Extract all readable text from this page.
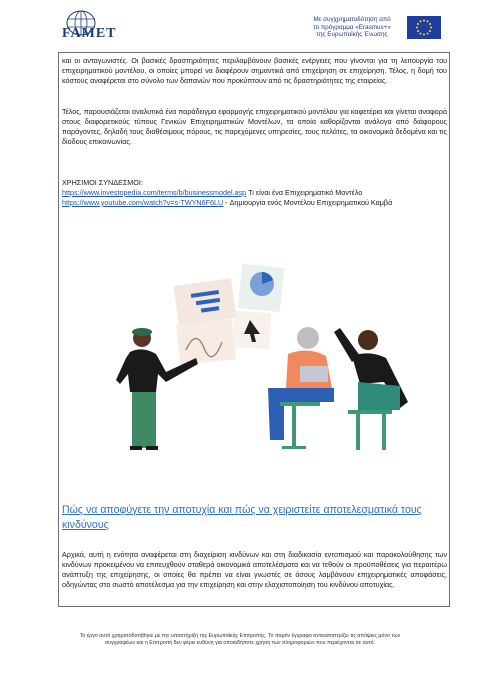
FAMET
Με συγχρηματοδότηση από
το πρόγραμμα «Erasmus+»
της Ευρωπαϊκής Ένωσης
και οι ανταγωνιστές. Οι βασικές δραστηριότητες περιλαμβάνουν βασικές ενέργειες που γίνονται για τη λειτουργία του επιχειρηματικού μοντέλου, οι οποίες μπορεί να διαφέρουν σημαντικά από επιχείρηση σε επιχείρηση. Τέλος, η δομή του κόστους αναφέρεται στο σύνολο των δαπανών που προκύπτουν από τις δραστηριότητες της εταιρείας.
Τέλος, παρουσιάζεται αναλυτικά ένα παράδειγμα εφαρμογής επιχειρηματικού μοντέλου για καφετέρια και γίνεται αναφορά στους διαφορετικούς τύπους Γενικών Επιχειρηματικών Μοντέλων, τα οποία καθορίζονται ανάλογα από διάφορους παράγοντες, δηλαδή τους διαθέσιμους πόρους, τις παρεχόμενες υπηρεσίες, τους πελάτες, τα οικονομικά δεδομένα και τις δίοδους επικοινωνίας.
ΧΡΗΣΙΜΟΙ ΣΥΝΔΕΣΜΟΙ:
https://www.investopedia.com/terms/b/businessmodel.asp Τι είναι ένα Επιχειρηματικό Μοντέλο
https://www.youtube.com/watch?v=s-TWYN6F6LU - Δημιουργία ενός Μοντέλου Επιχειρηματικού Καμβά
Πώς να αποφύγετε την αποτυχία και πώς να χειριστείτε αποτελεσματικά τους κινδύνους
Αρχικά, αυτή η ενότητα αναφέρεται στη διαχείριση κινδύνων και στη διαδικασία εντοπισμού και παρακολούθησης των κινδύνων προκειμένου να επιτευχθούν σταθερά οικονομικά αποτελέσματα και να τεθούν οι προϋποθέσεις για περαιτέρω ανάπτυξη της επιχείρησης, οι οποίες θα πρέπει να είναι γνωστές σε όσους λαμβάνουν επιχειρηματικές αποφάσεις, οδηγώντας στο σωστό αποτέλεσμα για την επιχείρηση και στην ελαχιστοποίηση του κινδύνου αποτυχίας.
Το έργο αυτό χρηματοδοτήθηκε με την υποστήριξη της Ευρωπαϊκής Επιτροπής. Το παρόν έγγραφο αντικατοπτρίζει τις απόψεις μόνο των
συγγραφέων και η Επιτροπή δεν φέρει ευθύνη για οποιαδήποτε χρήση των πληροφοριών που περιέχονται σε αυτό.
